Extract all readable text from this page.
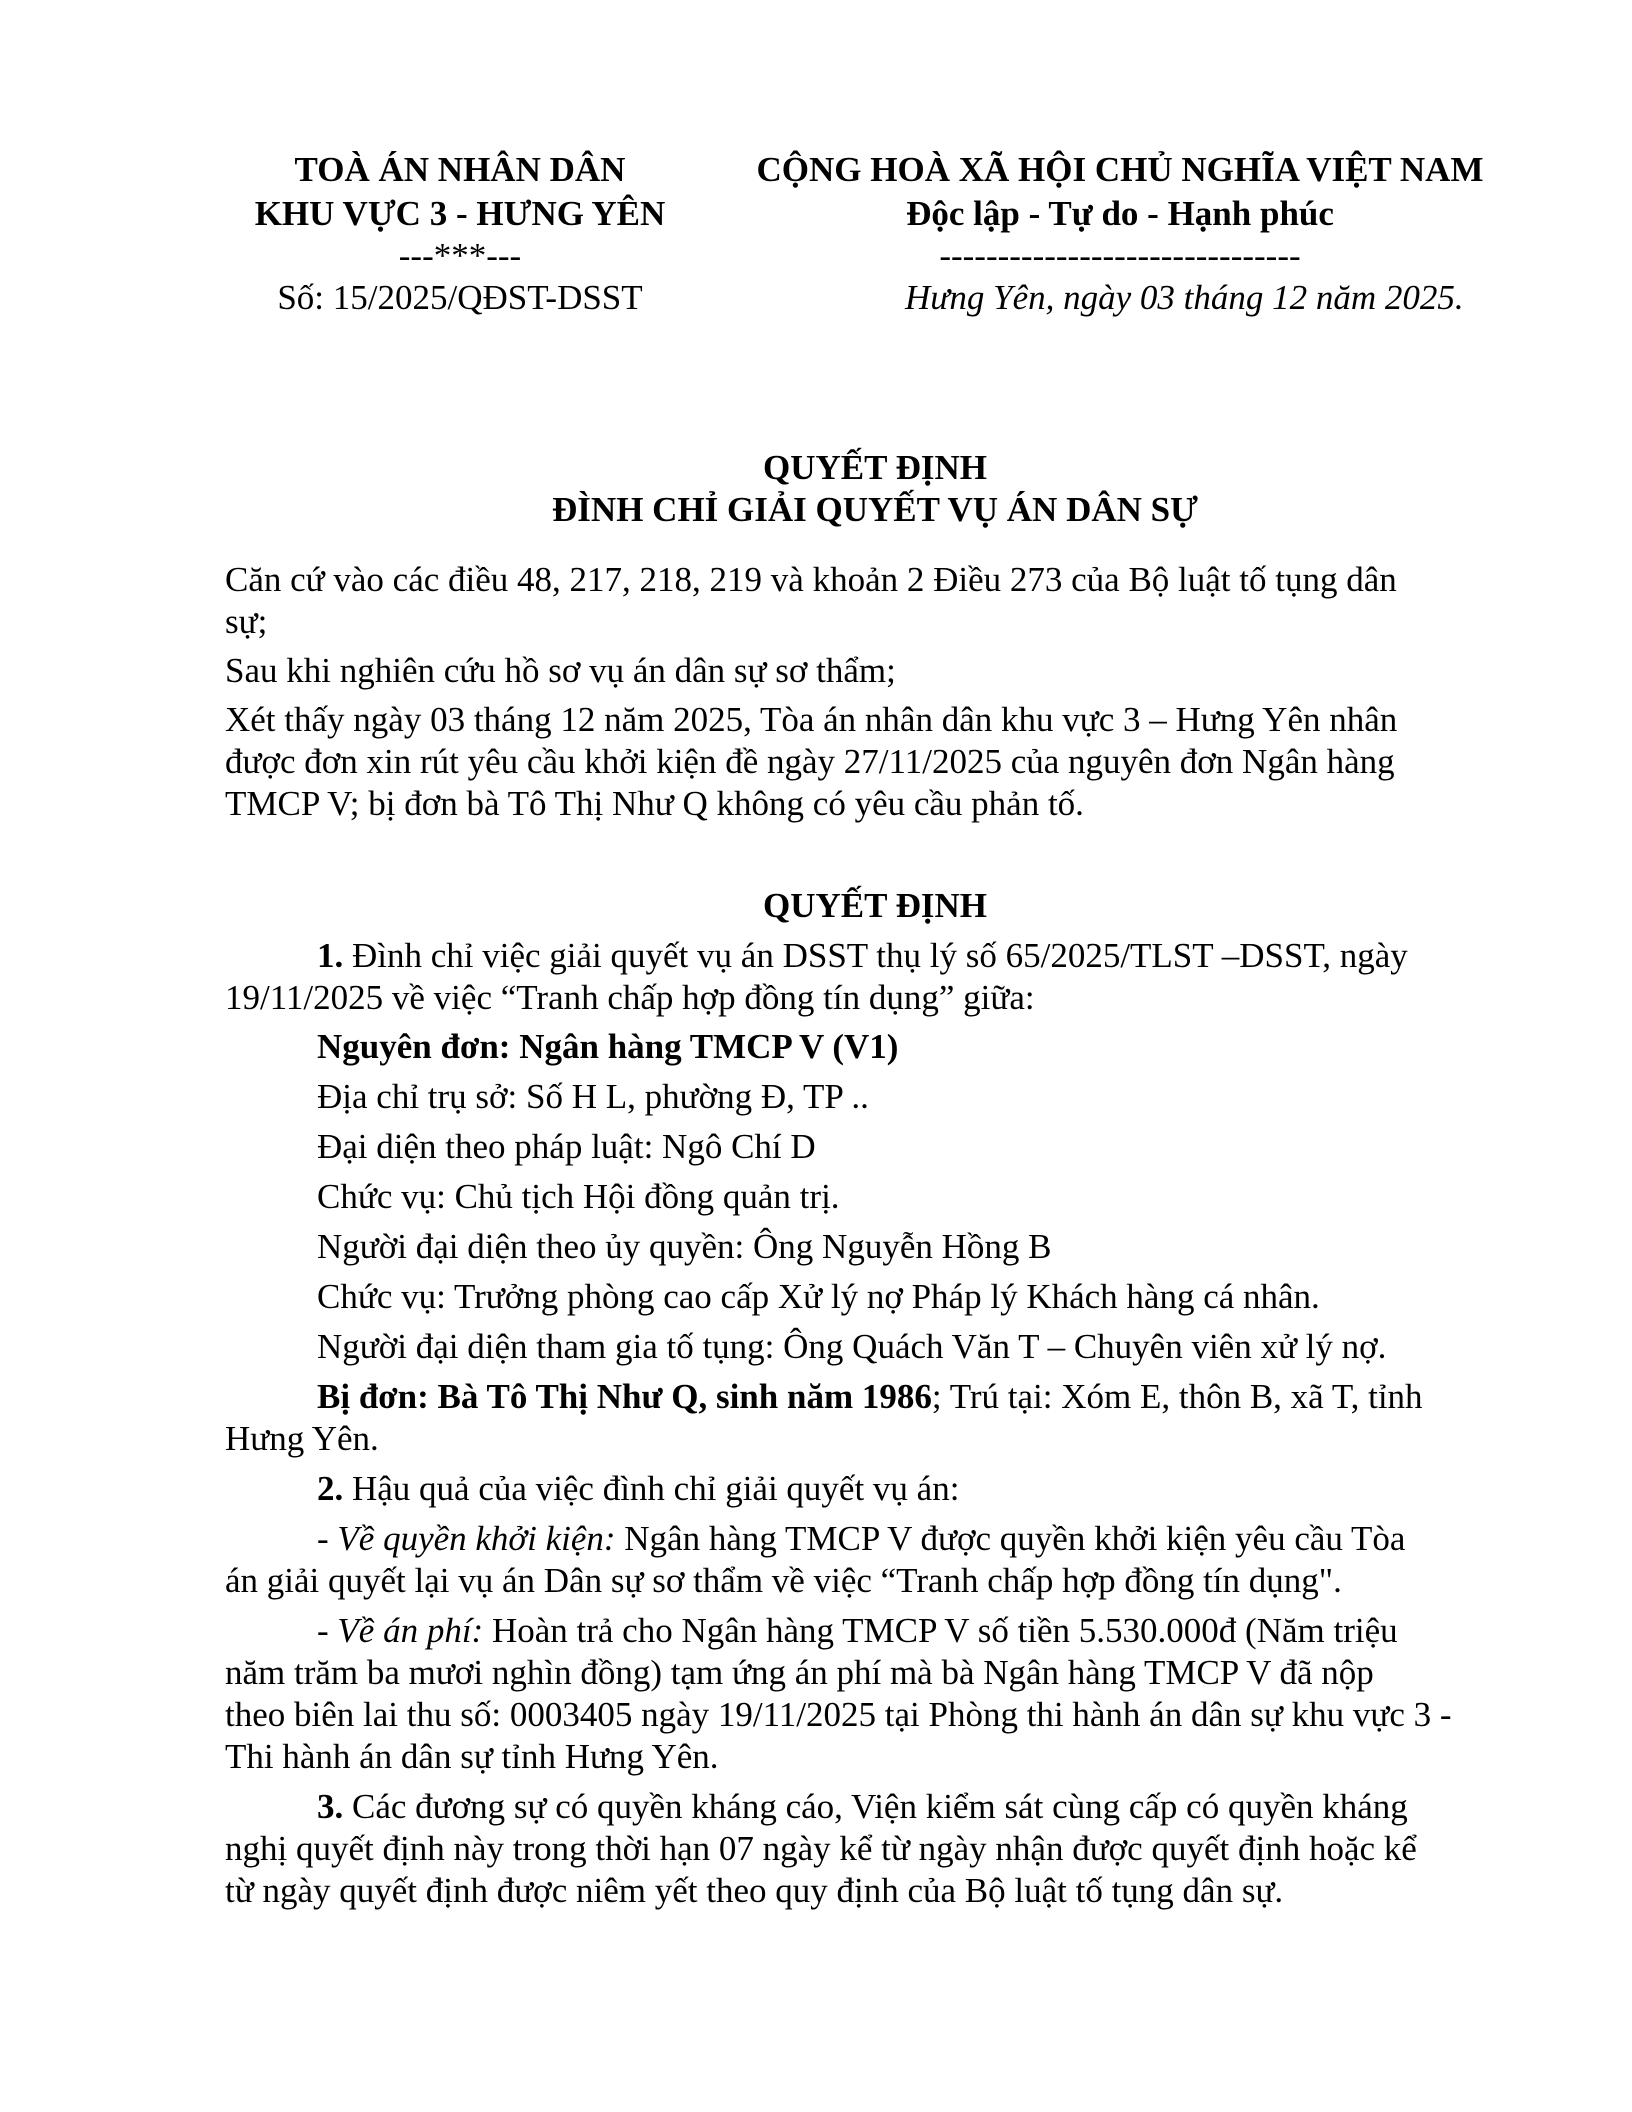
TOÀ ÁN NHÂN DÂN
KHU VỰC 3 - HƯNG YÊN
---***---
Số: 15/2025/QĐST-DSST
CỘNG HOÀ XÃ HỘI CHỦ NGHĨA VIỆT NAM
Độc lập - Tự do - Hạnh phúc
-------------------------------
Hưng Yên, ngày 03 tháng 12 năm 2025.
QUYẾT ĐỊNH
ĐÌNH CHỈ GIẢI QUYẾT VỤ ÁN DÂN SỰ
Căn cứ vào các điều 48, 217, 218, 219 và khoản 2 Điều 273 của Bộ luật tố tụng dân
sự;
Sau khi nghiên cứu hồ sơ vụ án dân sự sơ thẩm;
Xét thấy ngày 03 tháng 12 năm 2025, Tòa án nhân dân khu vực 3 – Hưng Yên nhân
được đơn xin rút yêu cầu khởi kiện đề ngày 27/11/2025 của nguyên đơn Ngân hàng
TMCP V; bị đơn bà Tô Thị Như Q không có yêu cầu phản tố.
QUYẾT ĐỊNH
1. Đình chỉ việc giải quyết vụ án DSST thụ lý số 65/2025/TLST –DSST, ngày
19/11/2025 về việc “Tranh chấp hợp đồng tín dụng” giữa:
Nguyên đơn: Ngân hàng TMCP V (V1)
Địa chỉ trụ sở: Số H L, phường Đ, TP ..
Đại diện theo pháp luật: Ngô Chí D
Chức vụ: Chủ tịch Hội đồng quản trị.
Người đại diện theo ủy quyền: Ông Nguyễn Hồng B
Chức vụ: Trưởng phòng cao cấp Xử lý nợ Pháp lý Khách hàng cá nhân.
Người đại diện tham gia tố tụng: Ông Quách Văn T – Chuyên viên xử lý nợ.
Bị đơn: Bà Tô Thị Như Q, sinh năm 1986; Trú tại: Xóm E, thôn B, xã T, tỉnh
Hưng Yên.
2. Hậu quả của việc đình chỉ giải quyết vụ án:
- Về quyền khởi kiện: Ngân hàng TMCP V được quyền khởi kiện yêu cầu Tòa
án giải quyết lại vụ án Dân sự sơ thẩm về việc “Tranh chấp hợp đồng tín dụng".
- Về án phí: Hoàn trả cho Ngân hàng TMCP V số tiền 5.530.000đ (Năm triệu
năm trăm ba mươi nghìn đồng) tạm ứng án phí mà bà Ngân hàng TMCP V đã nộp
theo biên lai thu số: 0003405 ngày 19/11/2025 tại Phòng thi hành án dân sự khu vực 3 -
Thi hành án dân sự tỉnh Hưng Yên.
3. Các đương sự có quyền kháng cáo, Viện kiểm sát cùng cấp có quyền kháng
nghị quyết định này trong thời hạn 07 ngày kể từ ngày nhận được quyết định hoặc kể
từ ngày quyết định được niêm yết theo quy định của Bộ luật tố tụng dân sự.
